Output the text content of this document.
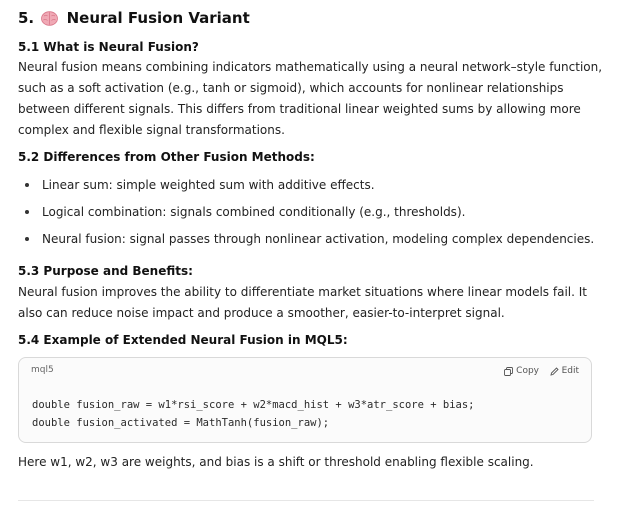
5. Neural Fusion Variant
5.1 What is Neural Fusion?

Neural fusion means combining indicators mathematically using a neural network–style function, such as a soft activation (e.g., tanh or sigmoid), which accounts for nonlinear relationships between different signals. This differs from traditional linear weighted sums by allowing more complex and flexible signal transformations.

5.2 Differences from Other Fusion Methods:
Linear sum: simple weighted sum with additive effects.
Logical combination: signals combined conditionally (e.g., thresholds).
Neural fusion: signal passes through nonlinear activation, modeling complex dependencies.
5.3 Purpose and Benefits:

Neural fusion improves the ability to differentiate market situations where linear models fail. It also can reduce noise impact and produce a smoother, easier-to-interpret signal.

5.4 Example of Extended Neural Fusion in MQL5:
mql5	Copy	Edit
double fusion_raw = w1*rsi_score + w2*macd_hist + w3*atr_score + bias;
double fusion_activated = MathTanh(fusion_raw);

Here w1, w2, w3 are weights, and bias is a shift or threshold enabling flexible scaling.
